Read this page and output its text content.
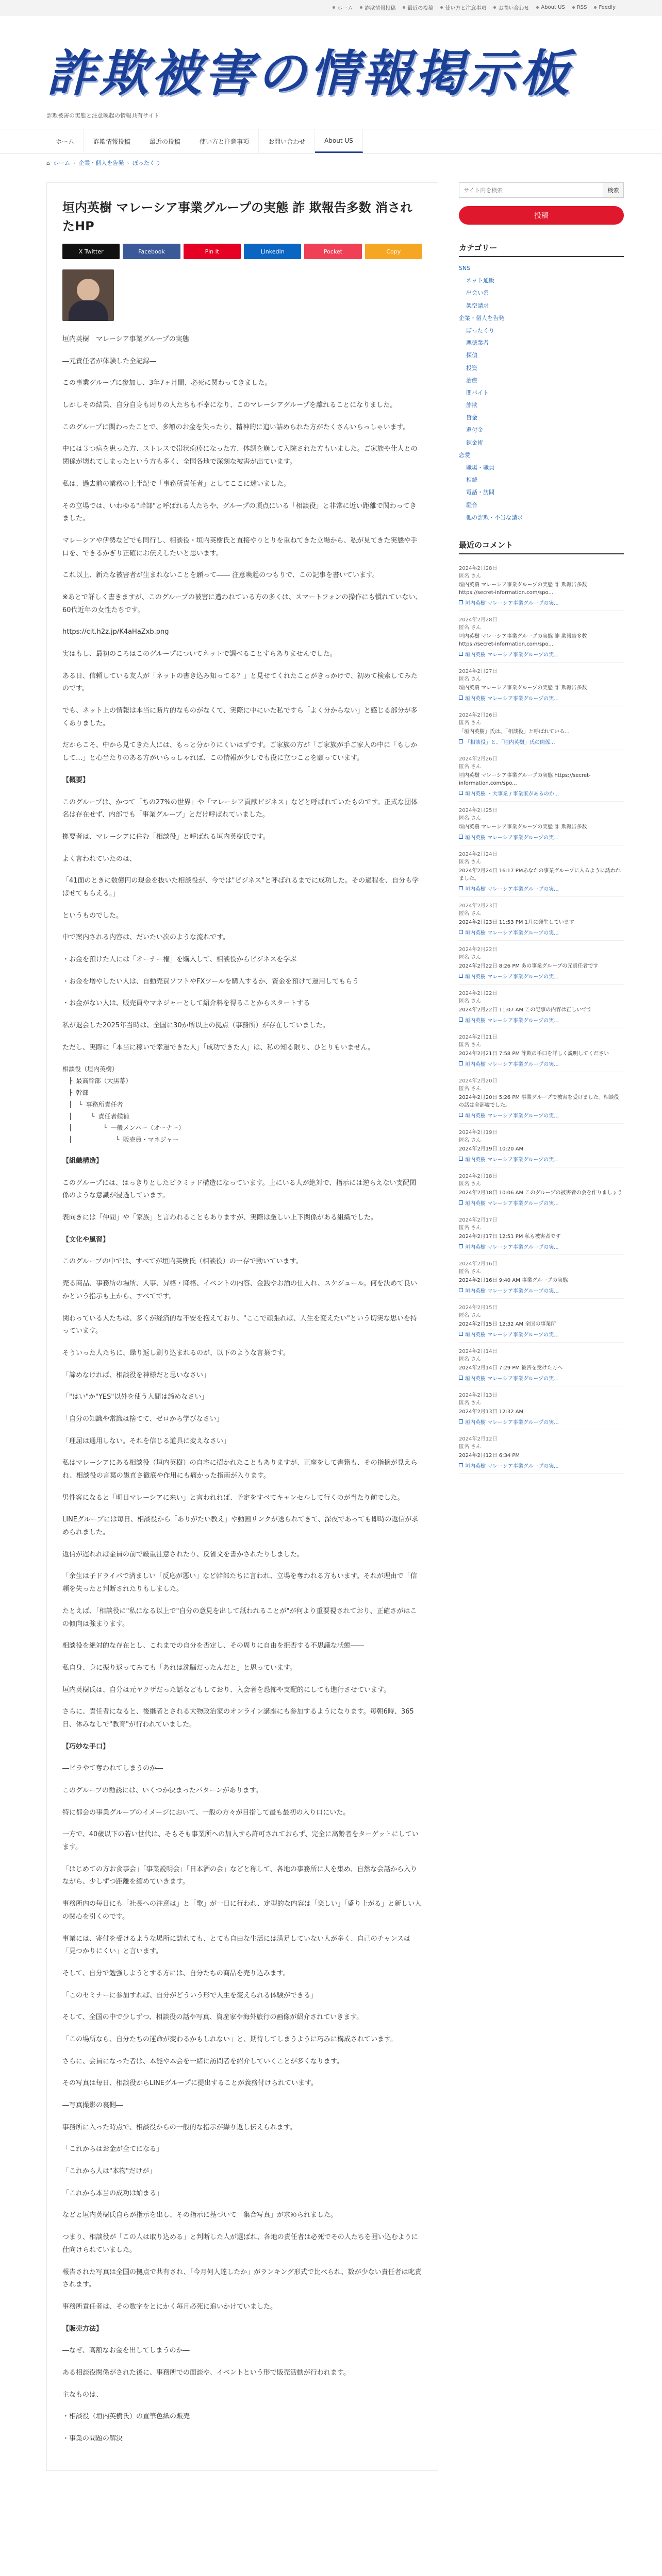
ホーム 詐欺情報投稿 最近の投稿 使い方と注意事項 お問い合わせ About US RSS Feedly
詐欺被害の情報掲示板
詐欺被害の実態と注意喚起の情報共有サイト
ホーム	詐欺情報投稿	最近の投稿	使い方と注意事項	お問い合わせ	About US
⌂ ホーム › 企業・個人を告発 › ぼったくり
垣内英樹 マレーシア事業グループの実態 詐 欺報告多数 消されたHP
X Twitter	Facebook	Pin it	LinkedIn	Pocket	Copy

垣内英樹　マレーシア事業グループの実態

―元責任者が体験した全記録―

この事業グループに参加し、3年7ヶ月間、必死に関わってきました。

しかしその結果、自分自身も周りの人たちも不幸になり、このマレーシアグループを離れることになりました。

このグループに関わったことで、多額のお金を失ったり、精神的に追い詰められた方がたくさんいらっしゃいます。

中には３つ病を患った方、ストレスで帯状疱疹になった方、体調を崩して入院された方もいました。ご家族や仕人との関係が壊れてしまったという方も多く、全国各地で深刻な被害が出ています。

私は、過去前の業務の上半記で「事務所責任者」としてここに迷いました。

その立場では、いわゆる"幹部"と呼ばれる人たちや、グループの頂点にいる「相談役」と非常に近い距離で関わってきました。

マレーシアや伊勢などでも同行し、相談役・垣内英樹氏と直接やりとりを重ねてきた立場から、私が見てきた実態や手口を、できるかぎり正確にお伝えしたいと思います。

これ以上、新たな被害者が生まれないことを願って―― 注意喚起のつもりで、この記事を書いています。

※あとで詳しく書きますが、このグループの被害に遭われている方の多くは、スマートフォンの操作にも慣れていない、60代近年の女性たちです。

https://cit.h2z.jp/K4aHaZxb.png

実はもし、最初のころはこのグループについてネットで調べることすらありませんでした。

ある日、信頼している友人が「ネットの書き込み知ってる？」と見せてくれたことがきっかけで、初めて検索してみたのです。

でも、ネット上の情報は本当に断片的なものがなくて、実際に中にいた私ですら「よく分からない」と感じる部分が多くありました。

だからこそ、中から見てきた人には、もっと分かりにくいはずです。ご家族の方が「ご家族が手ご家人の中に「もしかして…」と心当たりのある方がいらっしゃれば、この情報が少しでも役に立つことを願っています。

【概要】

このグループは、かつて「ちの27%の世界」や「マレーシア貢献ビジネス」などと呼ばれていたものです。正式な団体名は存在せず、内部でも「事業グループ」とだけ呼ばれていました。

拠要者は、マレーシアに住む「相談役」と呼ばれる垣内英樹氏です。

よく言われていたのは、

「41面のときに数億円の現金を抜いた相談役が、今では"ビジネス"と呼ばれるまでに成功した。その過程を、自分も学ばせてもらえる。」

というものでした。

中で案内される内容は、だいたい次のような流れです。

・お金を預けた人には「オーナー権」を購入して、相談役からビジネスを学ぶ

・お金を増やしたい人は、自動売買ソフトやFXツールを購入するか、資金を預けて運用してもらう

・お金がない人は、販売員やマネジャーとして紹介料を得ることからスタートする

私が退会した2025年当時は、全国に30か所以上の拠点（事務所）が存在していました。

ただし、実際に「本当に稼いで幸運できた人」「成功できた人」は、私の知る限り、ひとりもいません。

相談役（垣内英樹）
　├ 最高幹部（大黒幕）
　├ 幹部
　│　└ 事務所責任者
　│　　　└ 責任者候補
　│　　　　　└ 一般メンバー（オーナー）
　│　　　　　　　└ 販売員・マネジャー

【組織構造】

このグループには、はっきりとしたピラミッド構造になっています。上にいる人が絶対で、指示には逆らえない支配関係のような意識が浸透しています。

表向きには「仲間」や「家族」と言われることもありますが、実際は厳しい上下関係がある組織でした。

【文化や風習】

このグループの中では、すべてが垣内英樹氏（相談役）の一存で動いています。

売る商品、事務所の場所、人事、昇格・降格、イベントの内容、金銭やお酒の仕入れ、スケジュール。何を決めて良いかという指示も上から、すべてです。

関わっている人たちは、多くが経済的な不安を抱えており、"ここで頑張れば、人生を変えたい"という切実な思いを持っています。

そういった人たちに、繰り返し刷り込まれるのが、以下のような言葉です。

「諦めなければ、相談役を神様だと思いなさい」

「"はい"か"YES"以外を使う人間は諦めなさい」

「自分の知識や常識は捨てて、ゼロから学びなさい」

「理屈は通用しない。それを信じる道具に変えなさい」

私はマレーシアにある相談役（垣内英樹）の自宅に招かれたこともありますが、正座をして書籍も、その指摘が見えられ、相談役の言葉の愚直さ徹底や作用にも痛かった指南が入ります。

男性客になると「明日マレーシアに来い」と言われれば、予定をすべてキャンセルして行くのが当たり前でした。

LINEグループには毎日、相談役から「ありがたい教え」や動画リンクが送られてきて、深夜であっても即時の返信が求められました。

返信が遅れれば金員の前で厳重注意されたり、反省文を書かされたりしました。

「余生は子ドライバで済ましい「反応が悪い」など幹部たちに言われ、立場を奪われる方もいます。それが理由で「信頼を失ったと判断されたりもしました。

たとえば、「相談役に"私になる以上で"自分の意見を出して舐われることが"が何より重要視されており、正確さがはこの傾向は強まります。

相談役を絶対的な存在とし、これまでの自分を否定し、その周りに自由を拒否する不思議な状態――

私自身、身に振り返ってみても「あれは洗脳だったんだと」と思っています。

垣内英樹氏は、自分は元ヤクザだった話などもしており、入会者を恐怖や支配的にしても進行させています。

さらに、責任者になると、後継者とされる大物政治家のオンライン講座にも参加するようになります。毎朝6時、365日、休みなしで"教育"が行われていました。

【巧妙な手口】

―ビラやて奪われてしまうのか―

このグループの勧誘には、いくつか決まったパターンがあります。

特に都会の事業グループのイメージにおいて、一般の方々が目指して最も最初の入り口にいた。

一方で、40歳以下の若い世代は、そもそも事業所への加入すら許可されておらず、完全に高齢者をターゲットにしています。

「はじめての方お食事会」「事業説明会」「日本酒の会」などと称して、各地の事務所に人を集め、自然な会話から入りながら、少しずつ距離を縮めていきます。

事務所内の毎日にも「社長への注意は」と「歌」が一日に行われ、定型的な内容は「楽しい」「盛り上がる」と新しい人の関心を引くのです。

事業には、寄付を受けるような場所に訪れても、とても自由な生活には満足していない人が多く、自己のチャンスは「見つかりにくい」と言います。

そして、自分で勉強しようとする方には、自分たちの商品を売り込みます。

「このセミナーに参加すれば、自分がどういう形で人生を変えられる体験ができる」

そして、全国の中で少しずつ、相談役の話や写真、資産家や海外旅行の画像が紹介されていきます。

「この場所なら、自分たちの運命が変わるかもしれない」と、期待してしまうように巧みに構成されています。

さらに、会員になった者は、本能や本会を一緒に訪問者を紹介していくことが多くなります。

その写真は毎日、相談役からLINEグループに提出することが義務付けられています。

―写真撮影の裏側―

事務所に入った時点で、相談役からの一般的な指示が繰り返し伝えられます。

「これからはお金が全てになる」

「これから人は"本物"だけが」

「これから本当の成功は始まる」

などと垣内英樹氏自らが指示を出し、その指示に基づいて「集合写真」が求められました。

つまり、相談役が「この人は取り込める」と判断した人が選ばれ、各地の責任者は必死でその人たちを囲い込むように仕向けられていました。

報告された写真は全国の拠点で共有され、「今月何人達したか」がランキング形式で比べられ、数が少ない責任者は叱責されます。

事務所責任者は、その数字をとにかく毎月必死に追いかけていました。

【販売方法】

―なぜ、高額なお金を出してしまうのか―

ある相談役関係がされた後に、事務所での面談や、イベントという形で販売活動が行われます。

主なものは、

・相談役（垣内英樹氏）の直筆色紙の販売

・事業の問題の解決

サイト内を検索
検索
投稿
カテゴリー
SNS
ネット通販
出会い系
架空請求
企業・個人を告発
ぼったくり
悪徳業者
探偵
投資
治療
闇バイト
詐欺
貸金
還付金
錬金術
恋愛
職場・職員
相続
電話・訪問
騒音
他の詐欺・不当な請求
最近のコメント
2024年2月28日
匿名 さん
垣内英樹 マレーシア事業グループの実態 詐 欺報告多数 https://secret-information.com/spo...
垣内英樹 マレーシア事業グループの実...
2024年2月28日
匿名 さん
垣内英樹 マレーシア事業グループの実態 詐 欺報告多数 https://secret-information.com/spo...
垣内英樹 マレーシア事業グループの実...
2024年2月27日
匿名 さん
垣内英樹 マレーシア事業グループの実態 詐 欺報告多数
垣内英樹 マレーシア事業グループの実...
2024年2月26日
匿名 さん
「垣内英樹」氏は、「相談役」と呼ばれている...
「相談役」と、「垣内英樹」氏の関係...
2024年2月26日
匿名 さん
垣内英樹 マレーシア事業グループの実態 https://secret-information.com/spo...
垣内英樹 ・大事業 / 事業家があるのか...
2024年2月25日
匿名 さん
垣内英樹 マレーシア事業グループの実態 詐 欺報告多数
垣内英樹 マレーシア事業グループの実...
2024年2月24日
匿名 さん
2024年2月24日 16:17 PMあなたの事業グループに入るように誘われました。
垣内英樹 マレーシア事業グループの実...
2024年2月23日
匿名 さん
2024年2月23日 11:53 PM 1月に発生しています
垣内英樹 マレーシア事業グループの実...
2024年2月22日
匿名 さん
2024年2月22日 8:26 PM あの事業グループの元責任者です
垣内英樹 マレーシア事業グループの実...
2024年2月22日
匿名 さん
2024年2月22日 11:07 AM この記事の内容は正しいです
垣内英樹 マレーシア事業グループの実...
2024年2月21日
匿名 さん
2024年2月21日 7:58 PM 詐欺の手口を詳しく説明してください
垣内英樹 マレーシア事業グループの実...
2024年2月20日
匿名 さん
2024年2月20日 5:26 PM 事業グループで被害を受けました。相談役の話は全部嘘でした。
垣内英樹 マレーシア事業グループの実...
2024年2月19日
匿名 さん
2024年2月19日 10:20 AM
垣内英樹 マレーシア事業グループの実...
2024年2月18日
匿名 さん
2024年2月18日 10:06 AM このグループの被害者の会を作りましょう
垣内英樹 マレーシア事業グループの実...
2024年2月17日
匿名 さん
2024年2月17日 12:51 PM 私も被害者です
垣内英樹 マレーシア事業グループの実...
2024年2月16日
匿名 さん
2024年2月16日 9:40 AM 事業グループの実態
垣内英樹 マレーシア事業グループの実...
2024年2月15日
匿名 さん
2024年2月15日 12:32 AM 全国の事業所
垣内英樹 マレーシア事業グループの実...
2024年2月14日
匿名 さん
2024年2月14日 7:29 PM 被害を受けた方へ
垣内英樹 マレーシア事業グループの実...
2024年2月13日
匿名 さん
2024年2月13日 12:32 AM
垣内英樹 マレーシア事業グループの実...
2024年2月12日
匿名 さん
2024年2月12日 6:34 PM
垣内英樹 マレーシア事業グループの実...
